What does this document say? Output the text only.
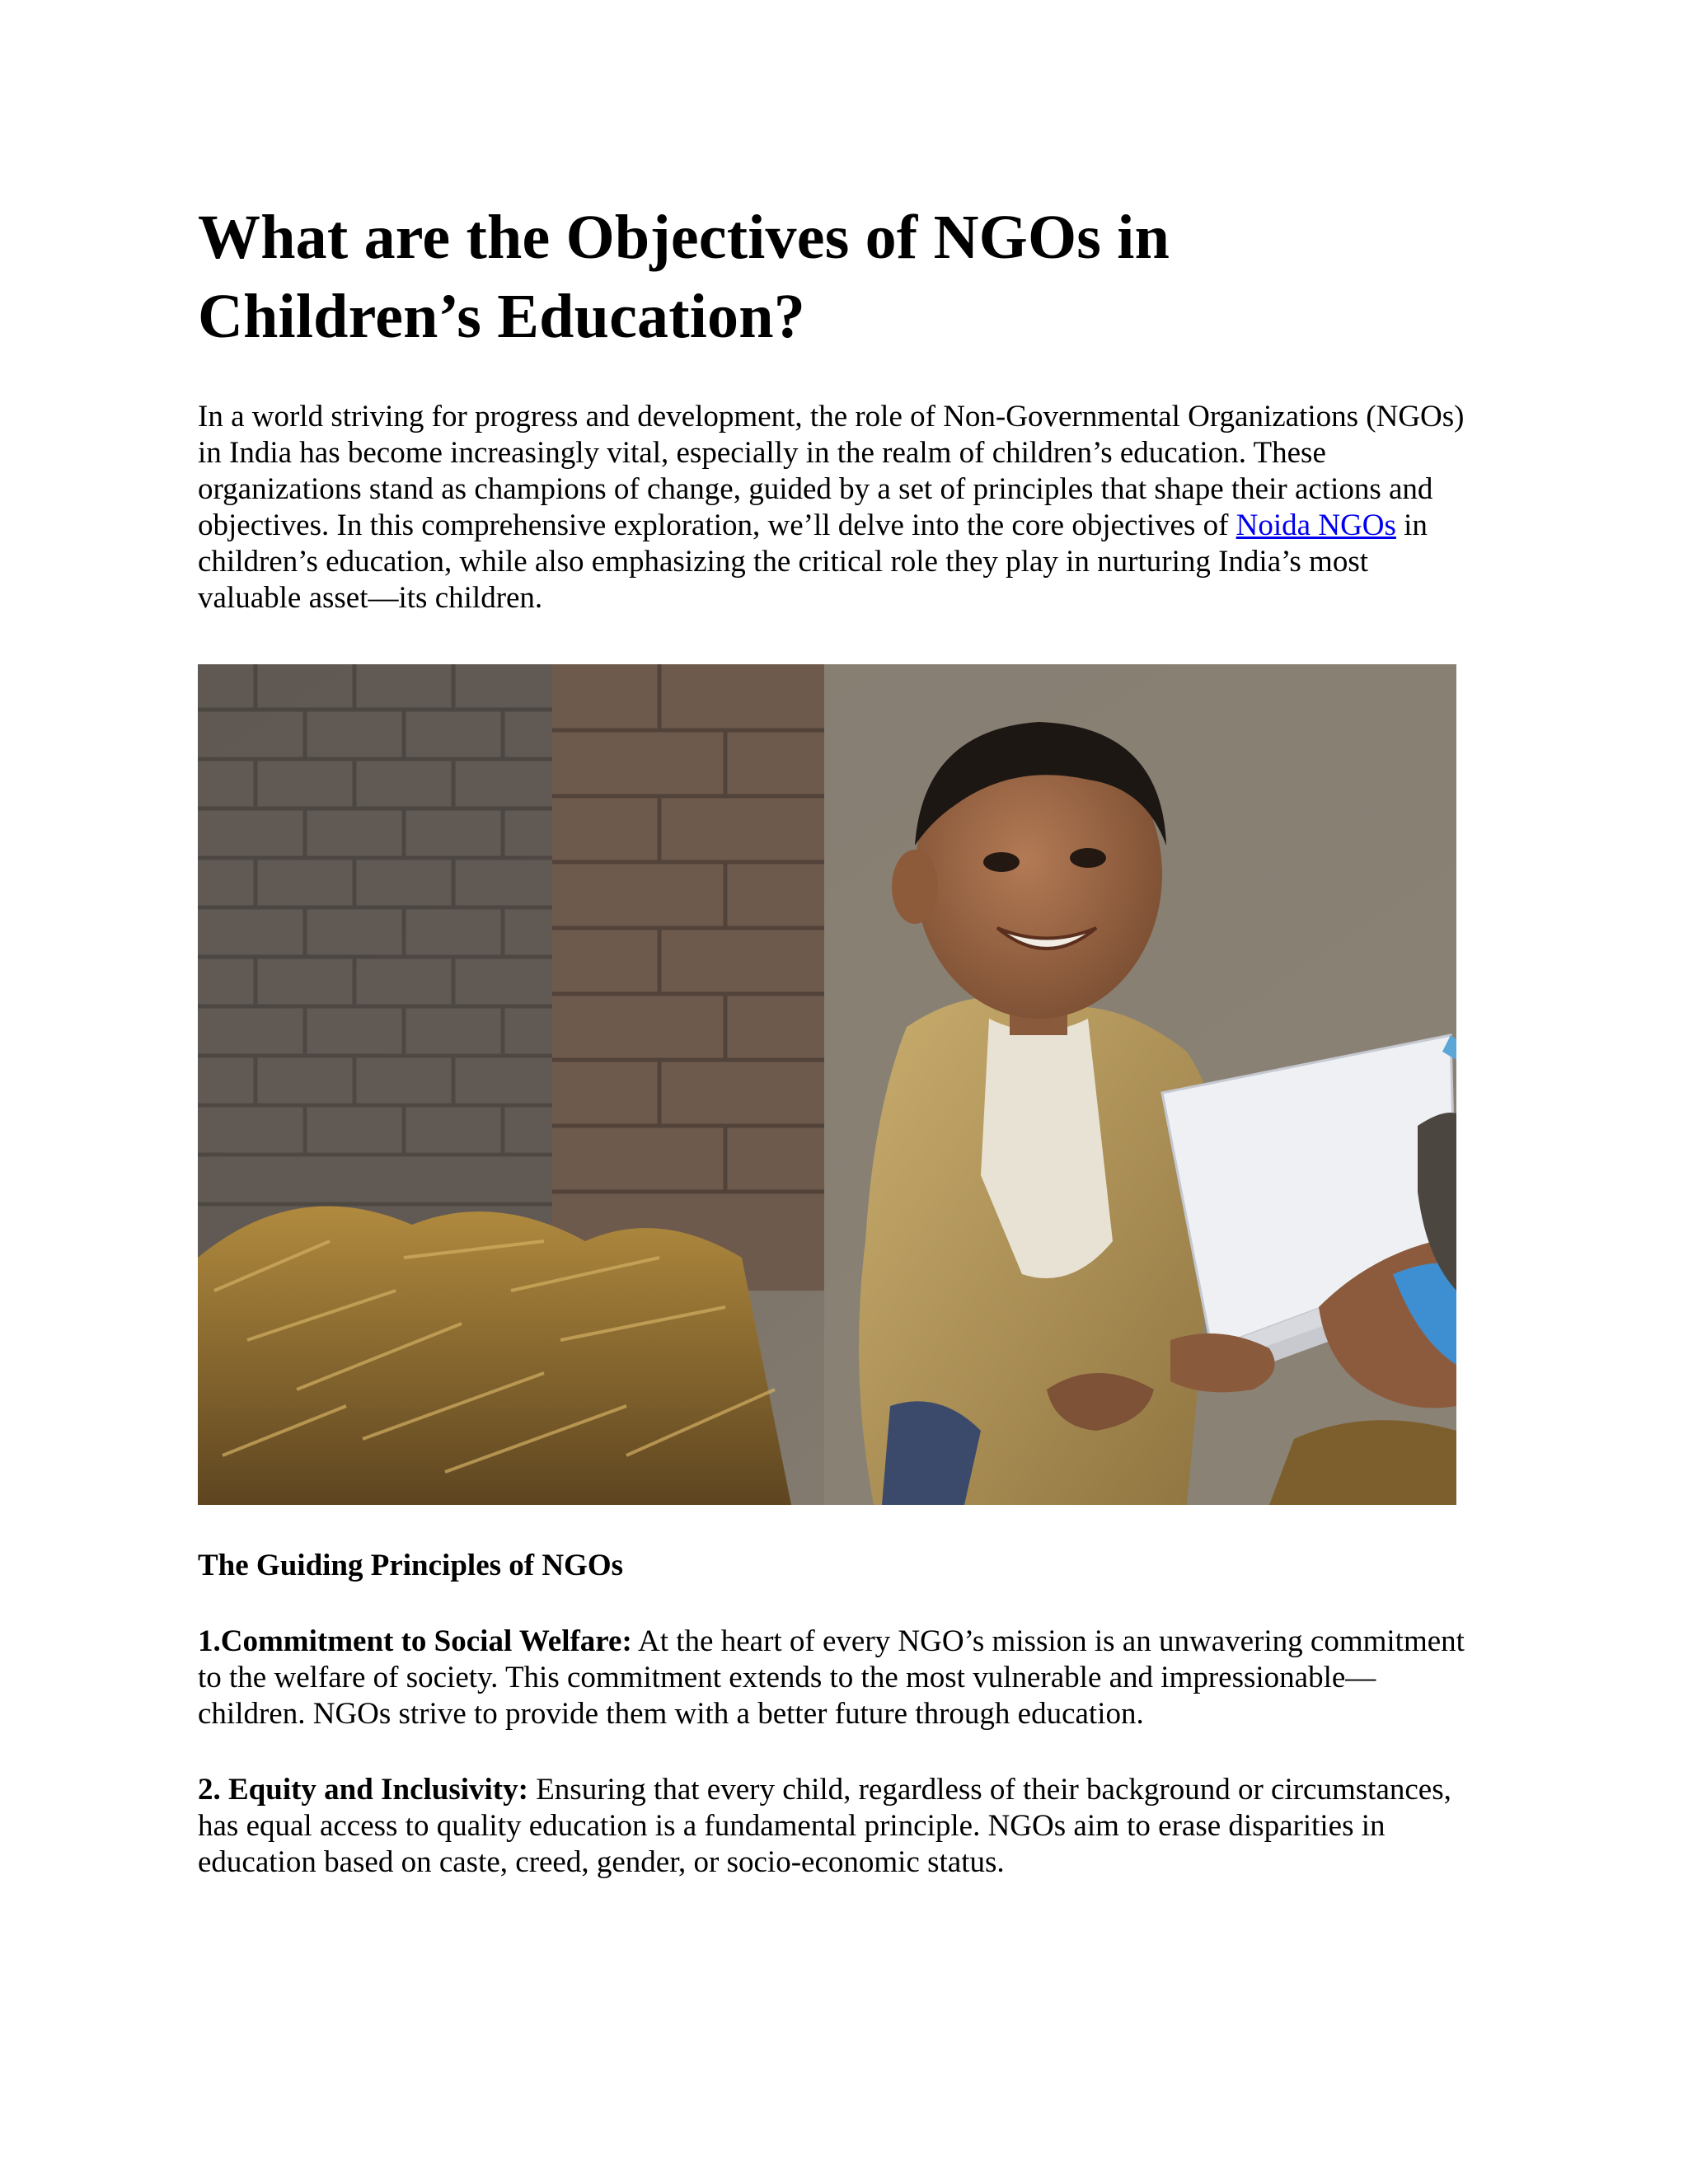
What are the Objectives of NGOs in Children’s Education?

In a world striving for progress and development, the role of Non-Governmental Organizations (NGOs) in India has become increasingly vital, especially in the realm of children’s education. These organizations stand as champions of change, guided by a set of principles that shape their actions and objectives. In this comprehensive exploration, we’ll delve into the core objectives of Noida NGOs in children’s education, while also emphasizing the critical role they play in nurturing India’s most valuable asset—its children.

The Guiding Principles of NGOs

1.Commitment to Social Welfare: At the heart of every NGO’s mission is an unwavering commitment to the welfare of society. This commitment extends to the most vulnerable and impressionable—children. NGOs strive to provide them with a better future through education.

2. Equity and Inclusivity: Ensuring that every child, regardless of their background or circumstances, has equal access to quality education is a fundamental principle. NGOs aim to erase disparities in education based on caste, creed, gender, or socio-economic status.
